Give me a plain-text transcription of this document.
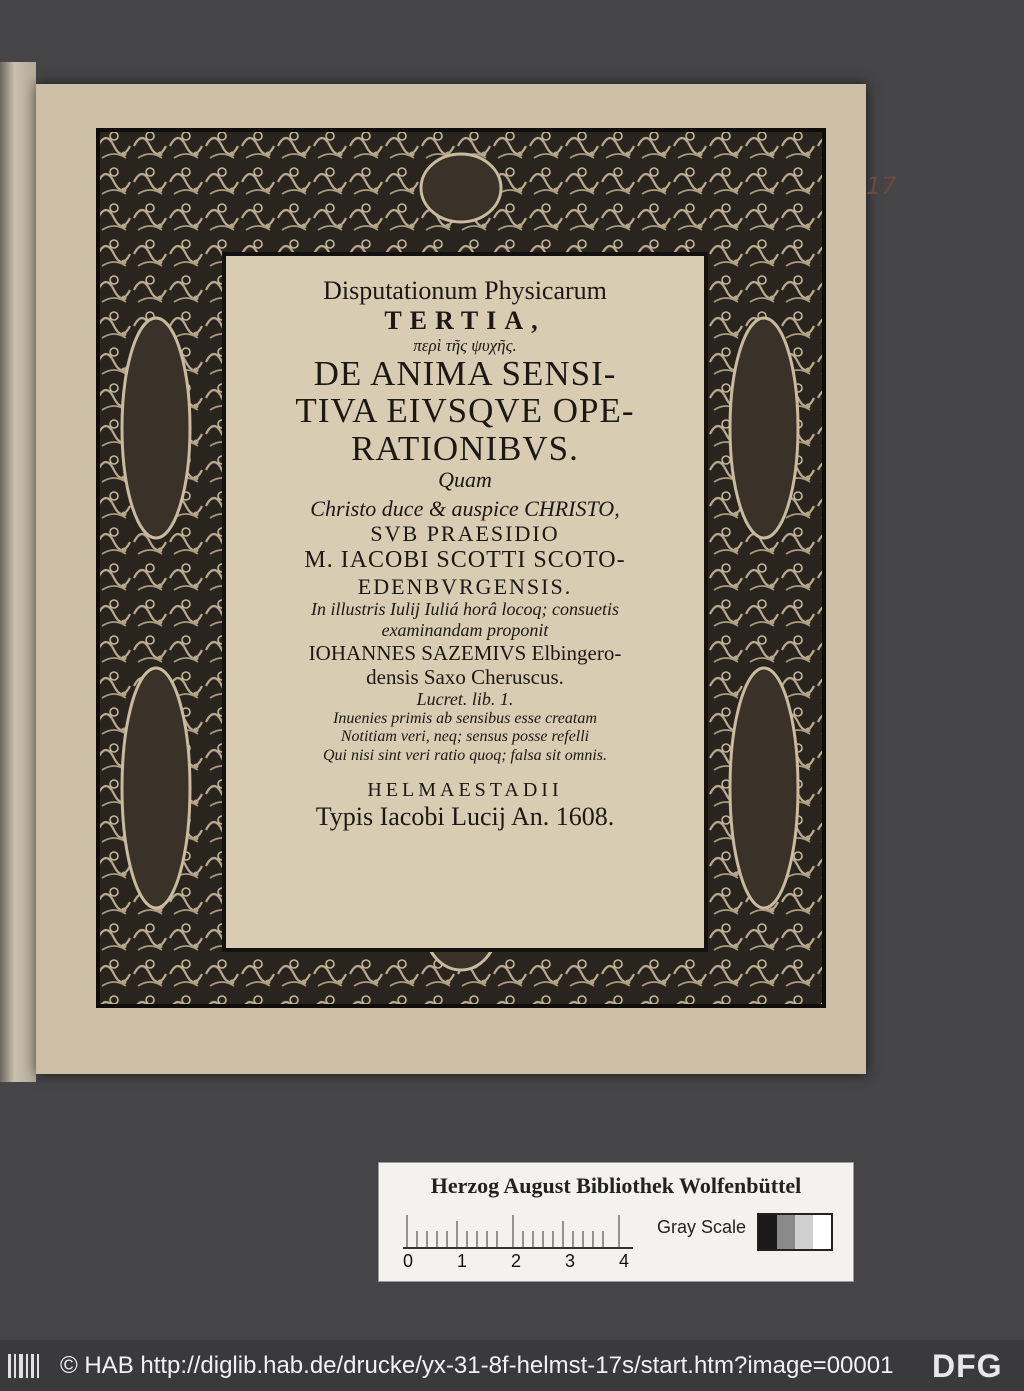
17
Disputationum Physicarum
TERTIA,
περὶ τῆς ψυχῆς.
DE ANIMA SENSI-
TIVA EIVSQVE OPE-
RATIONIBVS.
Quam
Christo duce & auspice CHRISTO,
SVB PRAESIDIO
M. IACOBI SCOTTI SCOTO-
EDENBVRGENSIS.
In illustris Iulij Iuliá horâ locoq; consuetis
examinandam proponit
IOHANNES SAZEMIVS Elbingero-
densis Saxo Cheruscus.
Lucret. lib. 1.
Inuenies primis ab sensibus esse creatam
Notitiam veri, neq; sensus posse refelli
Qui nisi sint veri ratio quoq; falsa sit omnis.
HELMAESTADII
Typis Iacobi Lucij An. 1608.
Herzog August Bibliothek Wolfenbüttel
0 1 2 3 4
Gray Scale
© HAB http://diglib.hab.de/drucke/yx-31-8f-helmst-17s/start.htm?image=00001 DFG
